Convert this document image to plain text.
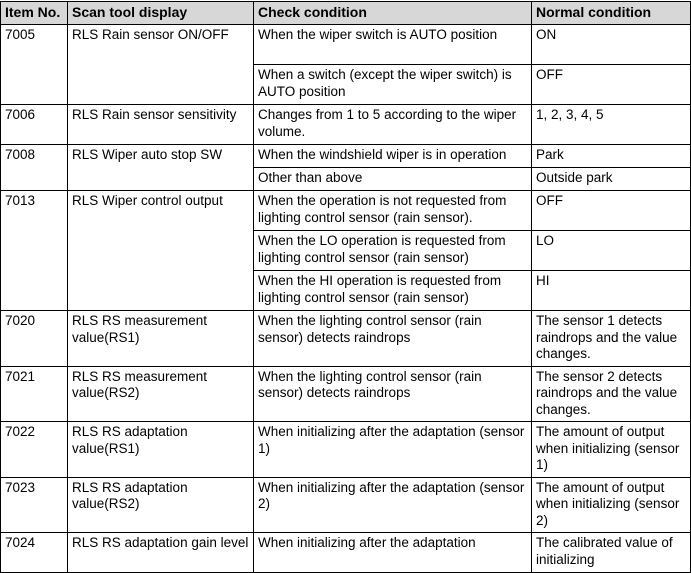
Item No.	Scan tool display	Check condition	Normal condition
7005	RLS Rain sensor ON/OFF	When the wiper switch is AUTO position	ON
		When a switch (except the wiper switch) is AUTO position	OFF
7006	RLS Rain sensor sensitivity	Changes from 1 to 5 according to the wiper volume.	1, 2, 3, 4, 5
7008	RLS Wiper auto stop SW	When the windshield wiper is in operation	Park
		Other than above	Outside park
7013	RLS Wiper control output	When the operation is not requested from lighting control sensor (rain sensor).	OFF
		When the LO operation is requested from lighting control sensor (rain sensor)	LO
		When the HI operation is requested from lighting control sensor (rain sensor)	HI
7020	RLS RS measurement value(RS1)	When the lighting control sensor (rain sensor) detects raindrops	The sensor 1 detects raindrops and the value changes.
7021	RLS RS measurement value(RS2)	When the lighting control sensor (rain sensor) detects raindrops	The sensor 2 detects raindrops and the value changes.
7022	RLS RS adaptation value(RS1)	When initializing after the adaptation (sensor 1)	The amount of output when initializing (sensor 1)
7023	RLS RS adaptation value(RS2)	When initializing after the adaptation (sensor 2)	The amount of output when initializing (sensor 2)
7024	RLS RS adaptation gain level	When initializing after the adaptation	The calibrated value of initializing
